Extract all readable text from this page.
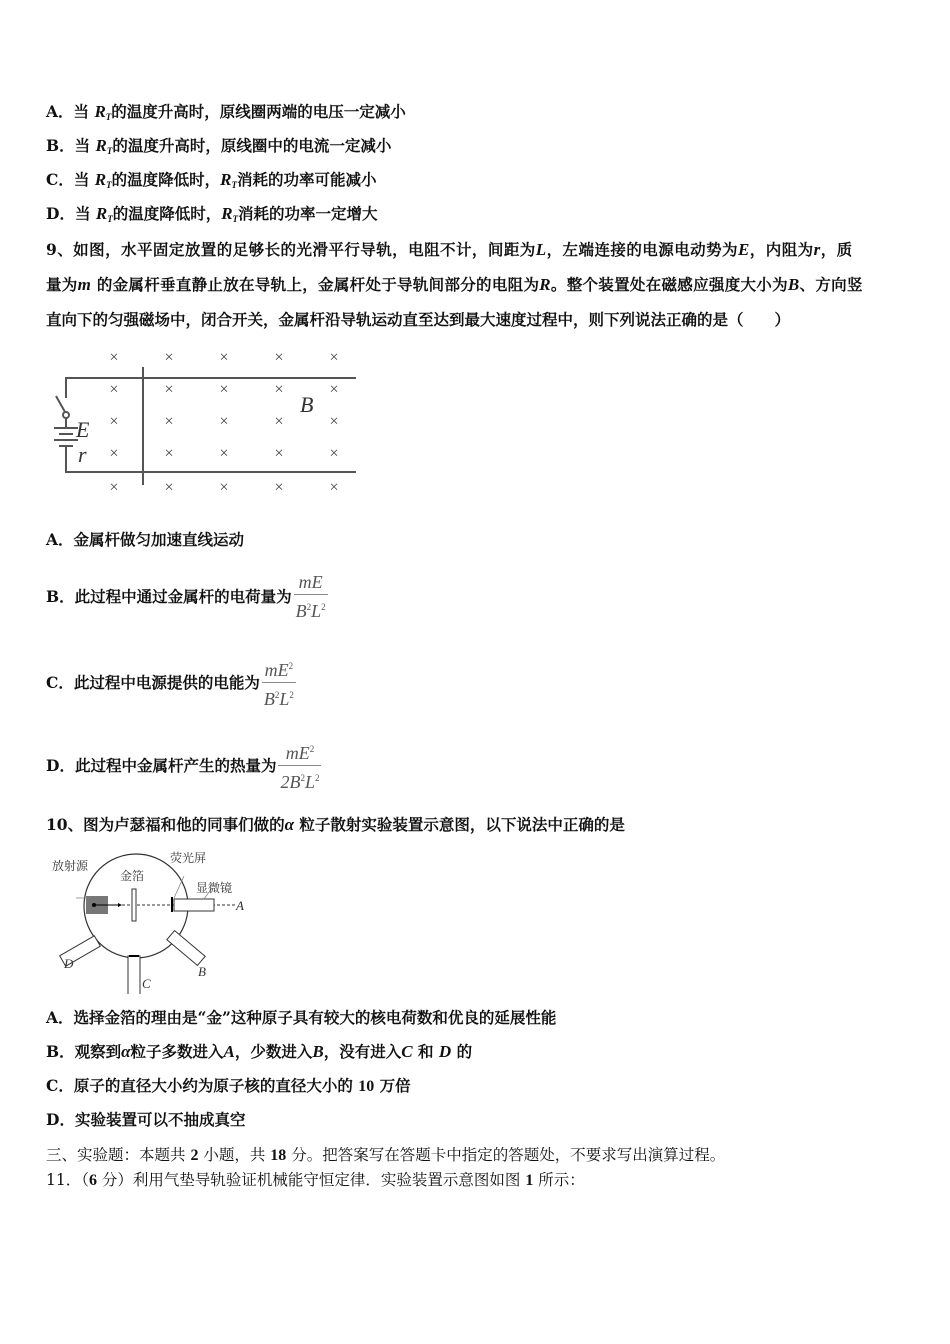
A．当 $R_T$的温度升高时，原线圈两端的电压一定减小
B．当 $R_T$的温度升高时，原线圈中的电流一定减小
C．当 $R_T$的温度降低时，$R_T$消耗的功率可能减小
D．当 $R_T$的温度降低时，$R_T$消耗的功率一定增大
9、如图，水平固定放置的足够长的光滑平行导轨，电阻不计，间距为L，左端连接的电源电动势为E，内阻为r，质
量为m 的金属杆垂直静止放在导轨上，金属杆处于导轨间部分的电阻为R。整个装置处在磁感应强度大小为B、方向竖
直向下的匀强磁场中，闭合开关，金属杆沿导轨运动直至达到最大速度过程中，则下列说法正确的是（　　）
×	×	×	×	×
×	×	×	×	×
×	×	×	×	×
×	×	×	×	×
×	×	×	×	×
E
r
B
A．金属杆做匀加速直线运动
B．此过程中通过金属杆的电荷量为 $\frac{mE}{B^2L^2}$
C．此过程中电源提供的电能为 $\frac{mE^2}{B^2L^2}$
D．此过程中金属杆产生的热量为 $\frac{mE^2}{2B^2L^2}$
10、图为卢瑟福和他的同事们做的α 粒子散射实验装置示意图，以下说法中正确的是
放射源
金箔
荧光屏
显微镜
A
B
C
D
A．选择金箔的理由是“金”这种原子具有较大的核电荷数和优良的延展性能
B．观察到α粒子多数进入A，少数进入B，没有进入C 和 D 的
C．原子的直径大小约为原子核的直径大小的 10 万倍
D．实验装置可以不抽成真空
三、实验题：本题共 2 小题，共 18 分。把答案写在答题卡中指定的答题处，不要求写出演算过程。
11．（6 分）利用气垫导轨验证机械能守恒定律．实验装置示意图如图 1 所示：
